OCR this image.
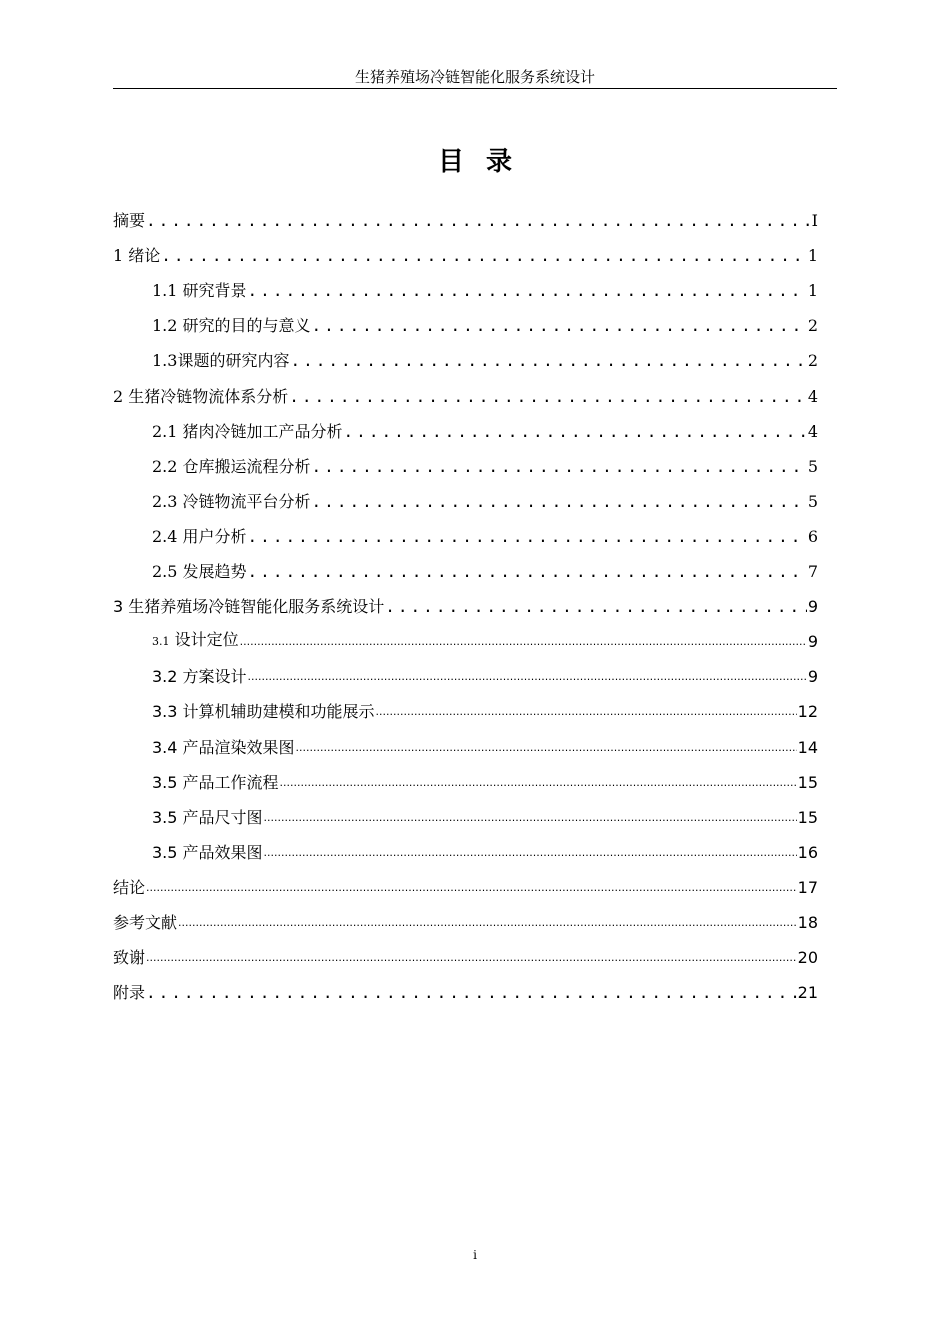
生猪养殖场冷链智能化服务系统设计
目录
摘要 .....	I
1 绪论 .....	1
1.1 研究背景 .....	1
1.2 研究的目的与意义 .....	2
1.3课题的研究内容 .....	2
2 生猪冷链物流体系分析 .....	4
2.1 猪肉冷链加工产品分析 .....	4
2.2 仓库搬运流程分析 .....	5
2.3 冷链物流平台分析 .....	5
2.4 用户分析 .....	6
2.5 发展趋势 .....	7
3 生猪养殖场冷链智能化服务系统设计 .....	9
3.1 设计定位 .....	9
3.2 方案设计 .....	9
3.3 计算机辅助建模和功能展示 .....	12
3.4 产品渲染效果图 .....	14
3.5 产品工作流程 .....	15
3.5 产品尺寸图 .....	15
3.5 产品效果图 .....	16
结论 .....	17
参考文献 .....	18
致谢 .....	20
附录 .....	21
i
